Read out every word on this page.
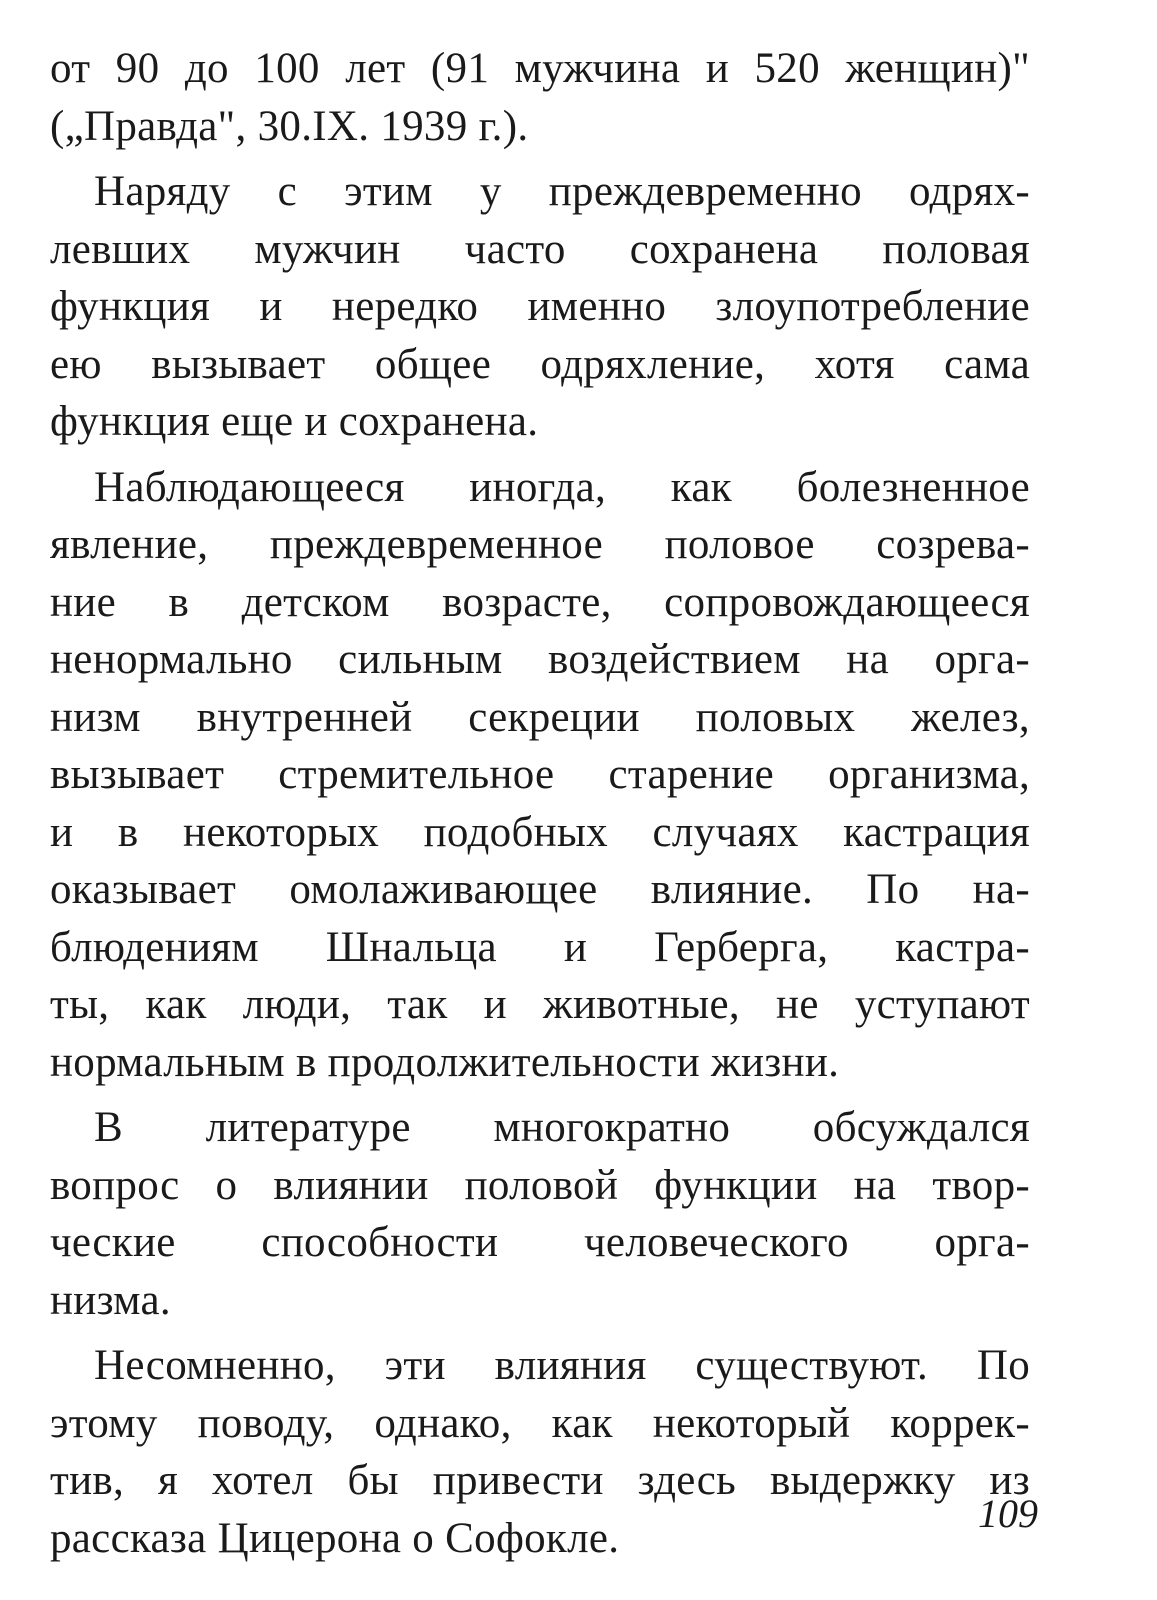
от 90 до 100 лет (91 мужчина и 520 женщин)"
(„Правда", 30.IX. 1939 г.).
Наряду с этим у преждевременно одрях-
левших мужчин часто сохранена половая
функция и нередко именно злоупотребление
ею вызывает общее одряхление, хотя сама
функция еще и сохранена.
Наблюдающееся иногда, как болезненное
явление, преждевременное половое созрева-
ние в детском возрасте, сопровождающееся
ненормально сильным воздействием на орга-
низм внутренней секреции половых желез,
вызывает стремительное старение организма,
и в некоторых подобных случаях кастрация
оказывает омолаживающее влияние. По на-
блюдениям Шнальца и Герберга, кастра-
ты, как люди, так и животные, не уступают
нормальным в продолжительности жизни.
В литературе многократно обсуждался
вопрос о влиянии половой функции на твор-
ческие способности человеческого орга-
низма.
Несомненно, эти влияния существуют. По
этому поводу, однако, как некоторый коррек-
тив, я хотел бы привести здесь выдержку из
рассказа Цицерона о Софокле.
109
